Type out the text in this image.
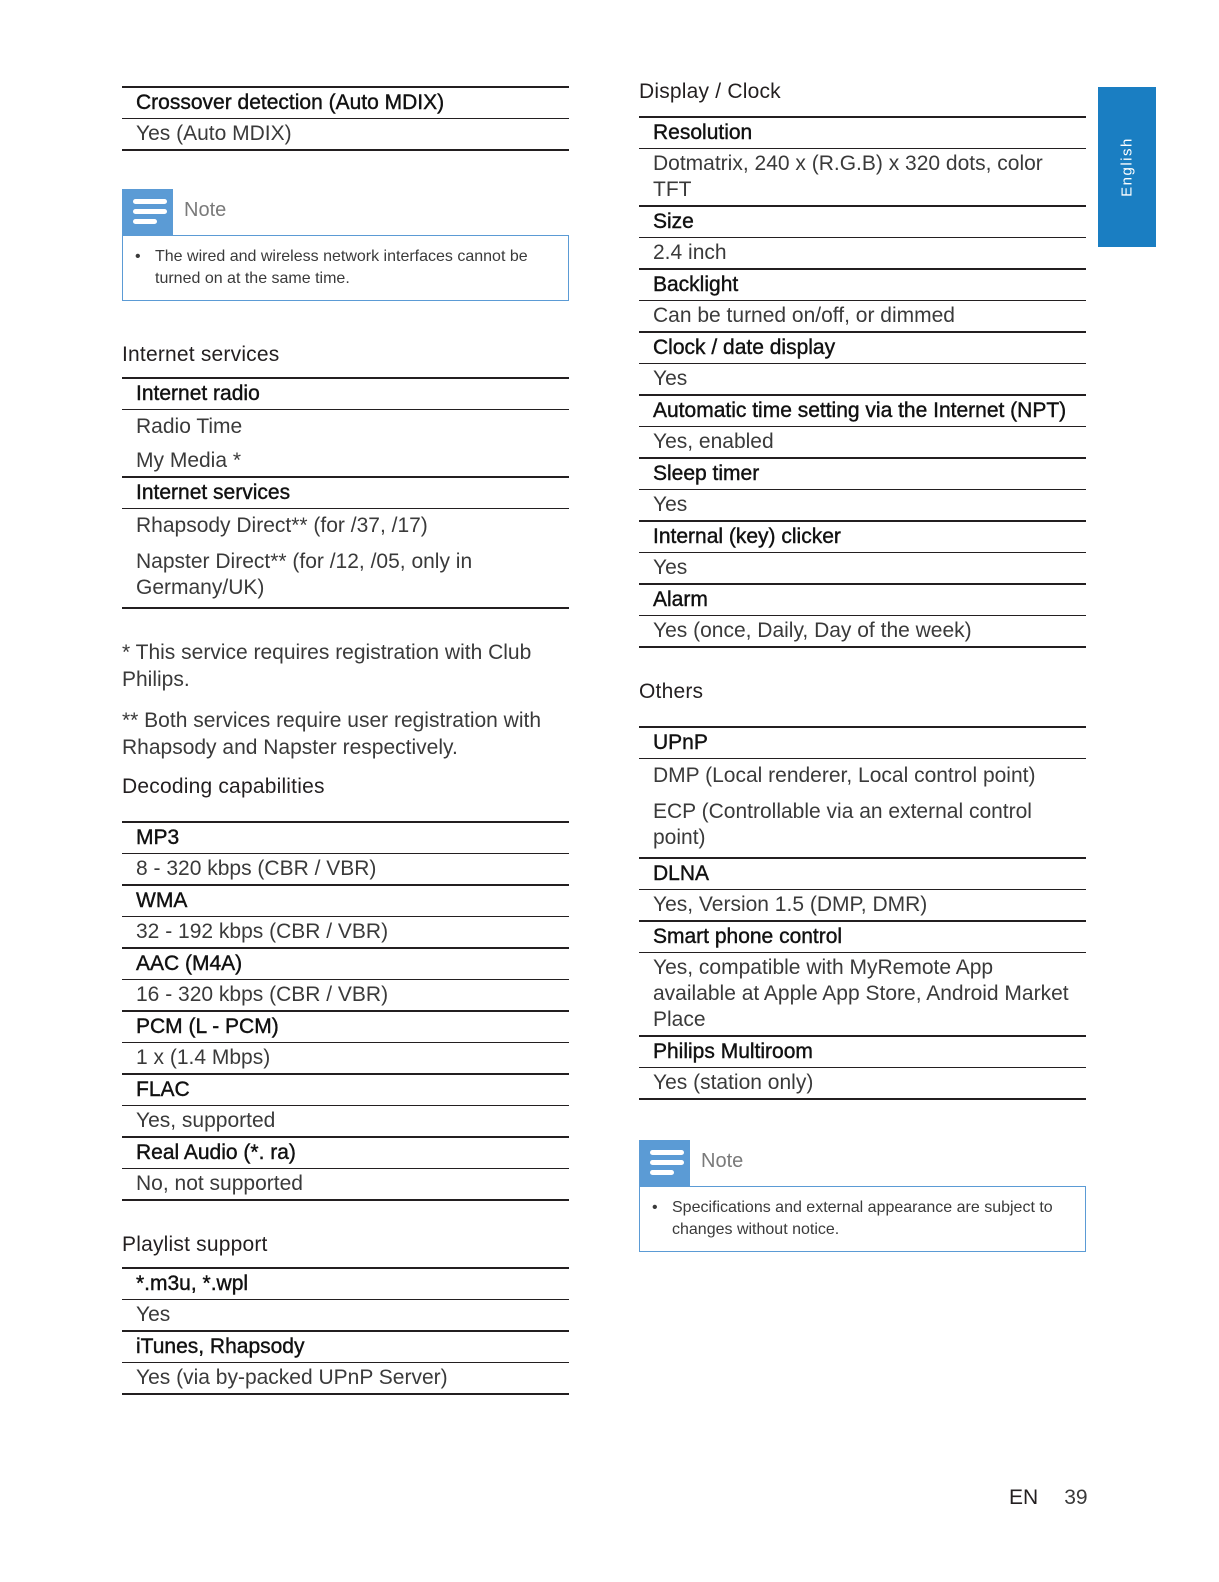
English
Crossover detection (Auto MDIX)
Yes (Auto MDIX)
Note
• The wired and wireless network interfaces cannot be turned on at the same time.
Internet services
Internet radio
Radio Time
My Media *
Internet services
Rhapsody Direct** (for /37, /17)
Napster Direct** (for /12, /05, only in Germany/UK)
* This service requires registration with Club Philips.
** Both services require user registration with Rhapsody and Napster respectively.
Decoding capabilities
MP3
8 - 320 kbps (CBR / VBR)
WMA
32 - 192 kbps (CBR / VBR)
AAC (M4A)
16 - 320 kbps (CBR / VBR)
PCM (L - PCM)
1 x (1.4 Mbps)
FLAC
Yes, supported
Real Audio (*. ra)
No, not supported
Playlist support
*.m3u, *.wpl
Yes
iTunes, Rhapsody
Yes (via by-packed UPnP Server)
Display / Clock
Resolution
Dotmatrix, 240 x (R.G.B) x 320 dots, color TFT
Size
2.4 inch
Backlight
Can be turned on/off, or dimmed
Clock / date display
Yes
Automatic time setting via the Internet (NPT)
Yes, enabled
Sleep timer
Yes
Internal (key) clicker
Yes
Alarm
Yes (once, Daily, Day of the week)
Others
UPnP
DMP (Local renderer, Local control point)
ECP (Controllable via an external control point)
DLNA
Yes, Version 1.5 (DMP, DMR)
Smart phone control
Yes, compatible with MyRemote App available at Apple App Store, Android Market Place
Philips Multiroom
Yes (station only)
Note
• Specifications and external appearance are subject to changes without notice.
EN 39
